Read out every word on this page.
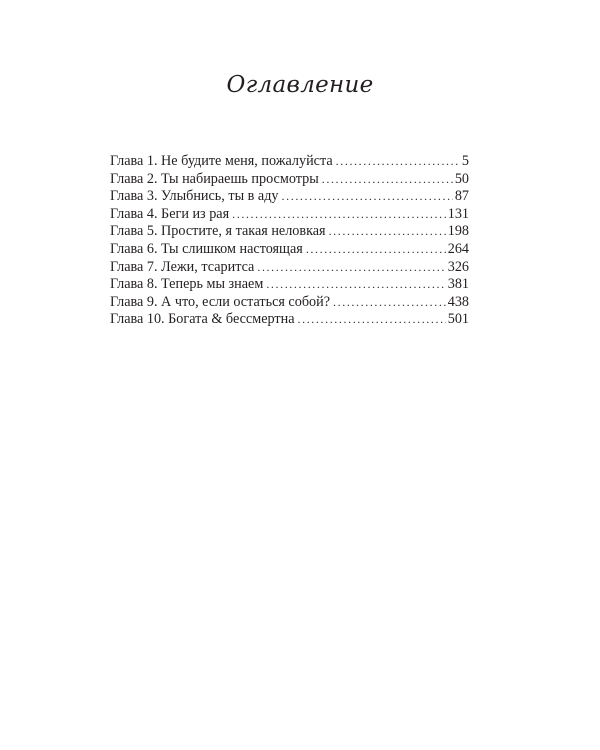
Оглавление
Глава 1. Не будите меня, пожалуйста .....	5
Глава 2. Ты набираешь просмотры .....	50
Глава 3. Улыбнись, ты в аду .....	87
Глава 4. Беги из рая .....	131
Глава 5. Простите, я такая неловкая .....	198
Глава 6. Ты слишком настоящая .....	264
Глава 7. Лежи, тсаритса .....	326
Глава 8. Теперь мы знаем .....	381
Глава 9. А что, если остаться собой? .....	438
Глава 10. Богата & бессмертна .....	501
